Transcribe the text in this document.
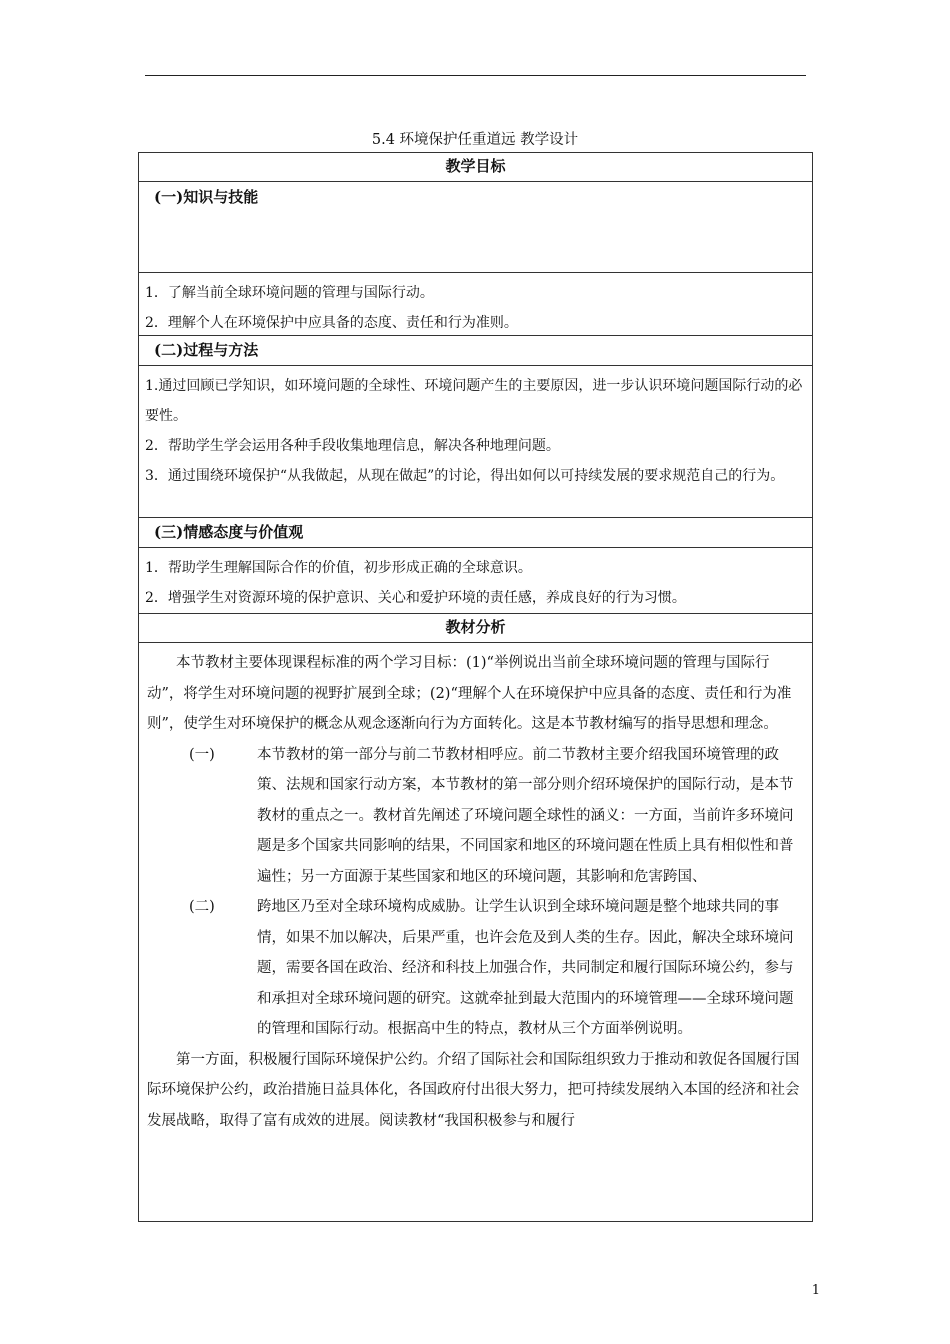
5.4 环境保护任重道远 教学设计
教学目标
(一)知识与技能

1．了解当前全球环境问题的管理与国际行动。

2．理解个人在环境保护中应具备的态度、责任和行为准则。

(二)过程与方法

1.通过回顾已学知识，如环境问题的全球性、环境问题产生的主要原因，进一步认识环境问题国际行动的必要性。

2．帮助学生学会运用各种手段收集地理信息，解决各种地理问题。

3．通过围绕环境保护“从我做起，从现在做起”的讨论，得出如何以可持续发展的要求规范自己的行为。

(三)情感态度与价值观

1．帮助学生理解国际合作的价值，初步形成正确的全球意识。

2．增强学生对资源环境的保护意识、关心和爱护环境的责任感，养成良好的行为习惯。

教材分析

本节教材主要体现课程标准的两个学习目标：(1)“举例说出当前全球环境问题的管理与国际行动”，将学生对环境问题的视野扩展到全球；(2)“理解个人在环境保护中应具备的态度、责任和行为准则”，使学生对环境保护的概念从观念逐渐向行为方面转化。这是本节教材编写的指导思想和理念。

(一)	本节教材的第一部分与前二节教材相呼应。前二节教材主要介绍我国环境管理的政策、法规和国家行动方案，本节教材的第一部分则介绍环境保护的国际行动，是本节教材的重点之一。教材首先阐述了环境问题全球性的涵义：一方面，当前许多环境问题是多个国家共同影响的结果，不同国家和地区的环境问题在性质上具有相似性和普遍性；另一方面源于某些国家和地区的环境问题，其影响和危害跨国、
(二)	跨地区乃至对全球环境构成威胁。让学生认识到全球环境问题是整个地球共同的事情，如果不加以解决，后果严重，也许会危及到人类的生存。因此，解决全球环境问题，需要各国在政治、经济和科技上加强合作，共同制定和履行国际环境公约，参与和承担对全球环境问题的研究。这就牵扯到最大范围内的环境管理——全球环境问题的管理和国际行动。根据高中生的特点，教材从三个方面举例说明。

第一方面，积极履行国际环境保护公约。介绍了国际社会和国际组织致力于推动和敦促各国履行国际环境保护公约，政治措施日益具体化，各国政府付出很大努力，把可持续发展纳入本国的经济和社会发展战略，取得了富有成效的进展。阅读教材“我国积极参与和履行

1
